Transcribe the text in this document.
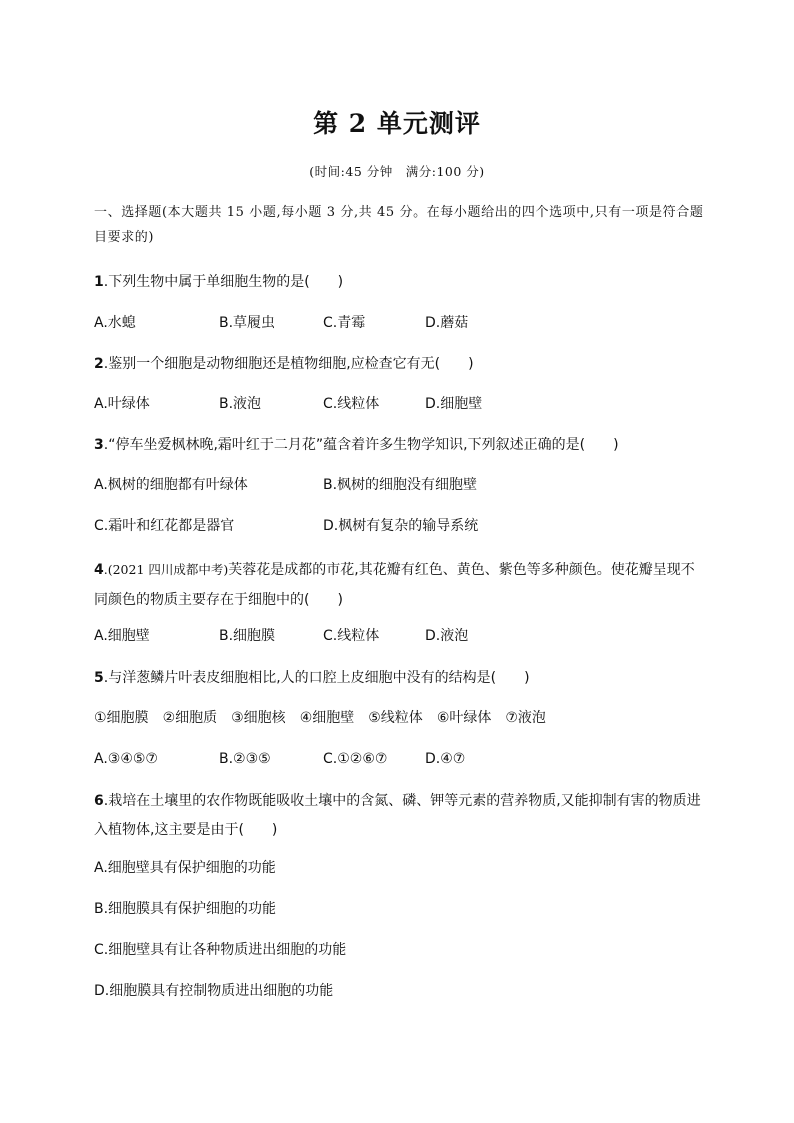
第 2 单元测评
(时间:45 分钟　满分:100 分)
一、选择题(本大题共 15 小题,每小题 3 分,共 45 分。在每小题给出的四个选项中,只有一项是符合题目要求的)
1.下列生物中属于单细胞生物的是(　　)
A.水螅	B.草履虫	C.青霉	D.蘑菇
2.鉴别一个细胞是动物细胞还是植物细胞,应检查它有无(　　)
A.叶绿体	B.液泡	C.线粒体	D.细胞壁
3.“停车坐爱枫林晚,霜叶红于二月花”蕴含着许多生物学知识,下列叙述正确的是(　　)
A.枫树的细胞都有叶绿体	B.枫树的细胞没有细胞壁
C.霜叶和红花都是器官	D.枫树有复杂的输导系统
4.(2021 四川成都中考)芙蓉花是成都的市花,其花瓣有红色、黄色、紫色等多种颜色。使花瓣呈现不同颜色的物质主要存在于细胞中的(　　)
A.细胞壁	B.细胞膜	C.线粒体	D.液泡
5.与洋葱鳞片叶表皮细胞相比,人的口腔上皮细胞中没有的结构是(　　)
①细胞膜 ②细胞质 ③细胞核 ④细胞壁 ⑤线粒体 ⑥叶绿体 ⑦液泡
A.③④⑤⑦	B.②③⑤	C.①②⑥⑦	D.④⑦
6.栽培在土壤里的农作物既能吸收土壤中的含氮、磷、钾等元素的营养物质,又能抑制有害的物质进入植物体,这主要是由于(　　)
A.细胞壁具有保护细胞的功能
B.细胞膜具有保护细胞的功能
C.细胞壁具有让各种物质进出细胞的功能
D.细胞膜具有控制物质进出细胞的功能
